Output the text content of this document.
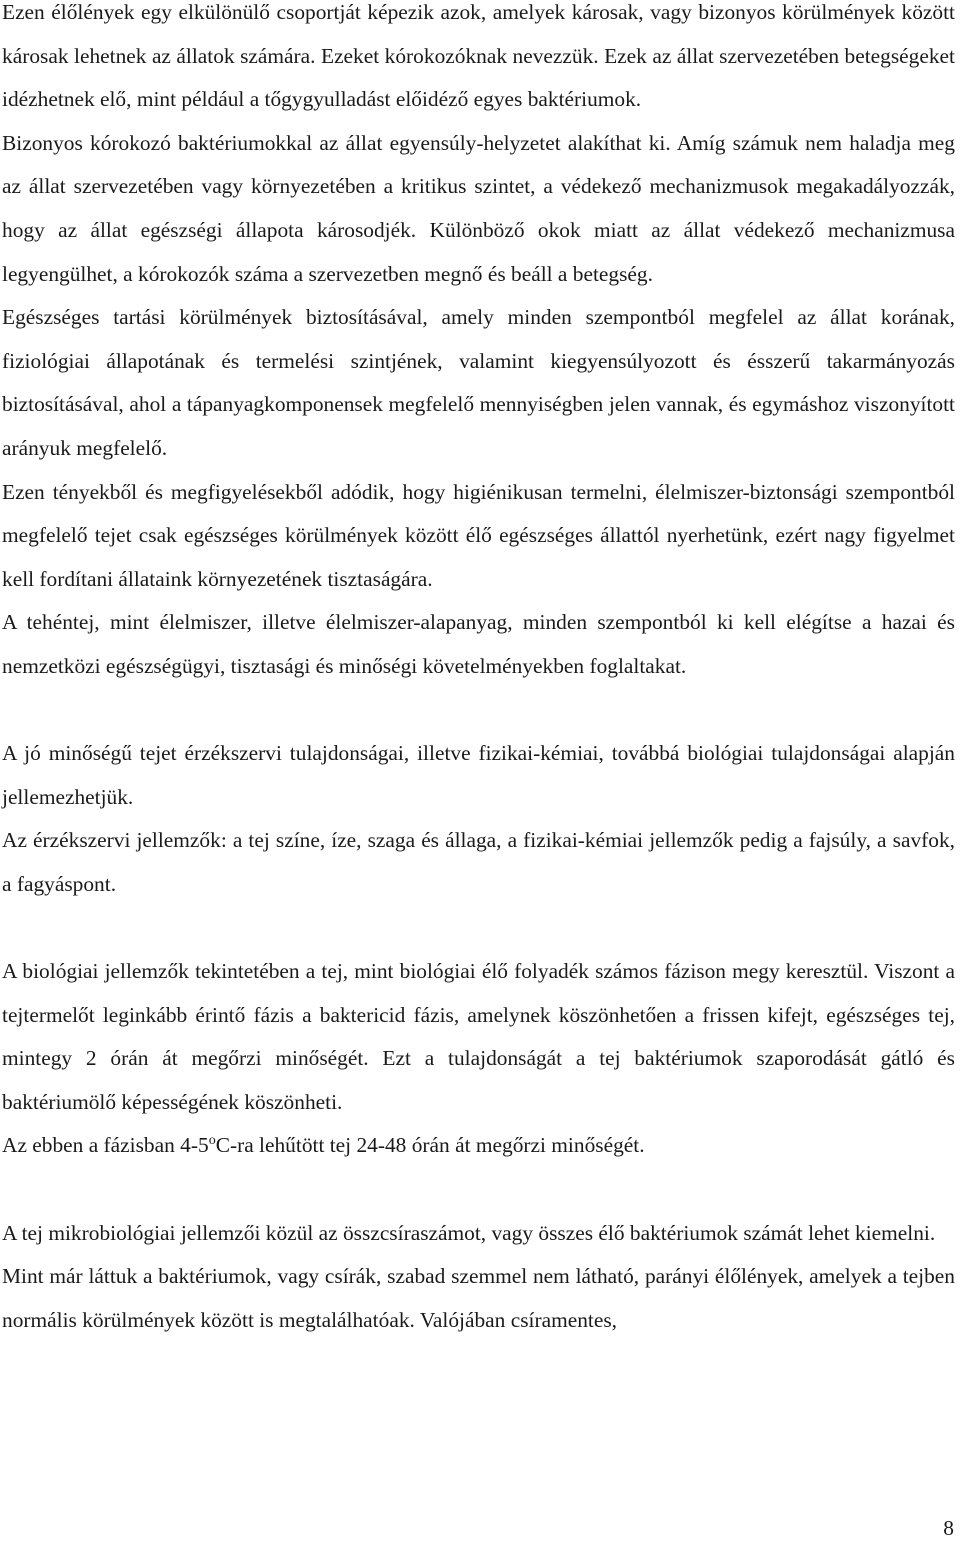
Ezen élőlények egy elkülönülő csoportját képezik azok, amelyek károsak, vagy bizonyos körülmények között károsak lehetnek az állatok számára. Ezeket kórokozóknak nevezzük. Ezek az állat szervezetében betegségeket idézhetnek elő, mint például a tőgygyulladást előidéző egyes baktériumok.

Bizonyos kórokozó baktériumokkal az állat egyensúly-helyzetet alakíthat ki. Amíg számuk nem haladja meg az állat szervezetében vagy környezetében a kritikus szintet, a védekező mechanizmusok megakadályozzák, hogy az állat egészségi állapota károsodjék. Különböző okok miatt az állat védekező mechanizmusa legyengülhet, a kórokozók száma a szervezetben megnő és beáll a betegség.

Egészséges tartási körülmények biztosításával, amely minden szempontból megfelel az állat korának, fiziológiai állapotának és termelési szintjének, valamint kiegyensúlyozott és ésszerű takarmányozás biztosításával, ahol a tápanyagkomponensek megfelelő mennyiségben jelen vannak, és egymáshoz viszonyított arányuk megfelelő.

Ezen tényekből és megfigyelésekből adódik, hogy higiénikusan termelni, élelmiszer-biztonsági szempontból megfelelő tejet csak egészséges körülmények között élő egészséges állattól nyerhetünk, ezért nagy figyelmet kell fordítani állataink környezetének tisztaságára.

A tehéntej, mint élelmiszer, illetve élelmiszer-alapanyag, minden szempontból ki kell elégítse a hazai és nemzetközi egészségügyi, tisztasági és minőségi követelményekben foglaltakat.

A jó minőségű tejet érzékszervi tulajdonságai, illetve fizikai-kémiai, továbbá biológiai tulajdonságai alapján jellemezhetjük.

Az érzékszervi jellemzők: a tej színe, íze, szaga és állaga, a fizikai-kémiai jellemzők pedig a fajsúly, a savfok, a fagyáspont.

A biológiai jellemzők tekintetében a tej, mint biológiai élő folyadék számos fázison megy keresztül. Viszont a tejtermelőt leginkább érintő fázis a baktericid fázis, amelynek köszönhetően a frissen kifejt, egészséges tej, mintegy 2 órán át megőrzi minőségét. Ezt a tulajdonságát a tej baktériumok szaporodását gátló és baktériumölő képességének köszönheti.

Az ebben a fázisban 4-5$^o$C-ra lehűtött tej 24-48 órán át megőrzi minőségét.

A tej mikrobiológiai jellemzői közül az összcsíraszámot, vagy összes élő baktériumok számát lehet kiemelni.

Mint már láttuk a baktériumok, vagy csírák, szabad szemmel nem látható, parányi élőlények, amelyek a tejben normális körülmények között is megtalálhatóak. Valójában csíramentes,

8
